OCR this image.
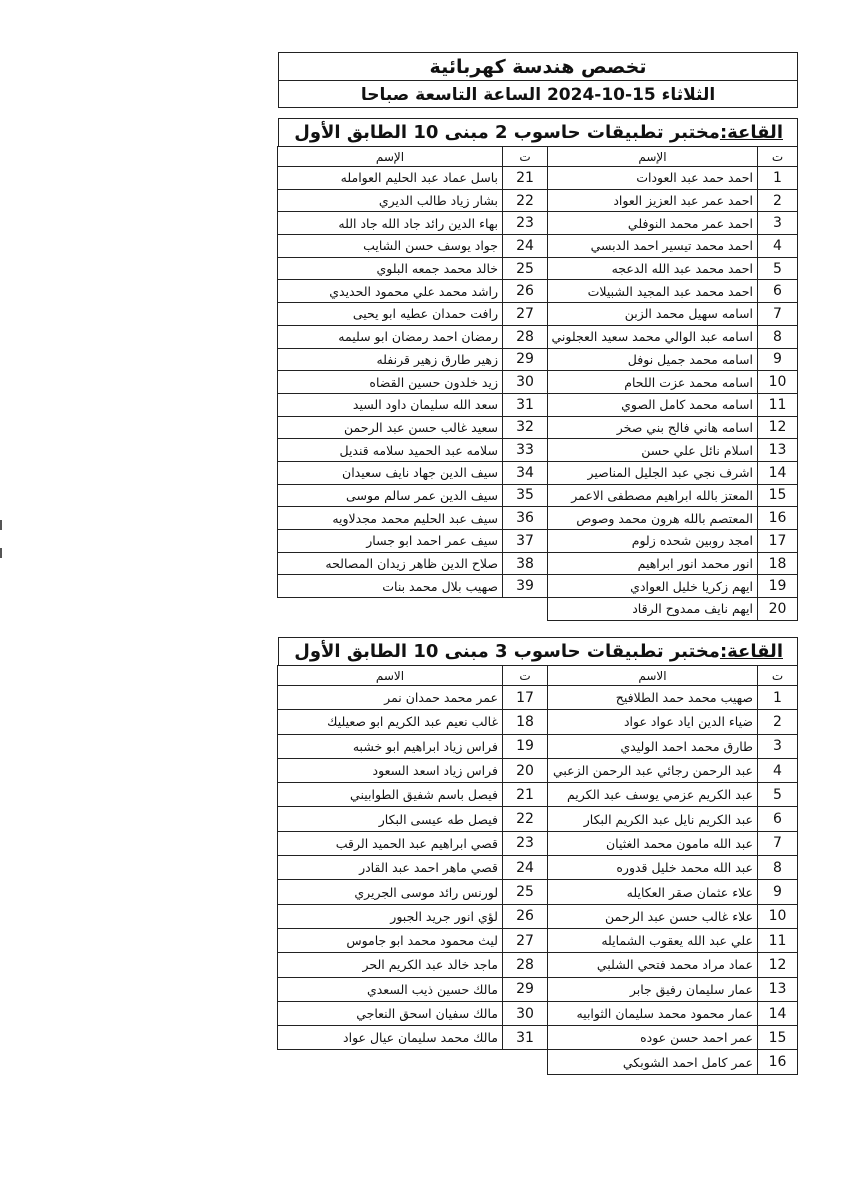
تخصص هندسة كهربائية
الثلاثاء 15-10-2024 الساعة التاسعة صباحا
القاعة:
مختبر تطبيقات حاسوب 2 مبنى 10 الطابق الأول
ت	الإسم	ت	الإسم
1	احمد حمد عبد العودات	21	باسل عماد عبد الحليم العوامله
2	احمد عمر عبد العزيز العواد	22	بشار زياد طالب الديري
3	احمد عمر محمد النوفلي	23	بهاء الدين رائد جاد الله جاد الله
4	احمد محمد تيسير احمد الدبسي	24	جواد يوسف حسن الشايب
5	احمد محمد عبد الله الدعجه	25	خالد محمد جمعه البلوي
6	احمد محمد عبد المجيد الشبيلات	26	راشد محمد علي محمود الحديدي
7	اسامه سهيل محمد الزبن	27	رافت حمدان عطيه ابو يحيى
8	اسامه عبد الوالي محمد سعيد العجلوني	28	رمضان احمد رمضان ابو سليمه
9	اسامه محمد جميل نوفل	29	زهير طارق زهير قرنفله
10	اسامه محمد عزت اللحام	30	زيد خلدون حسين القضاه
11	اسامه محمد كامل الصوي	31	سعد الله سليمان داود السيد
12	اسامه هاني فالح بني صخر	32	سعيد غالب حسن عبد الرحمن
13	اسلام نائل علي حسن	33	سلامه عبد الحميد سلامه قنديل
14	اشرف نجي عبد الجليل المناصير	34	سيف الدين جهاد نايف سعيدان
15	المعتز بالله ابراهيم مصطفى الاعمر	35	سيف الدين عمر سالم موسى
16	المعتصم بالله هرون محمد وصوص	36	سيف عبد الحليم محمد مجدلاويه
17	امجد روبين شحده زلوم	37	سيف عمر احمد ابو جسار
18	انور محمد انور ابراهيم	38	صلاح الدين ظاهر زيدان المصالحه
19	ايهم زكريا خليل العوادي	39	صهيب بلال محمد بنات
20	ايهم نايف ممدوح الرقاد		
القاعة:
مختبر تطبيقات حاسوب 3 مبنى 10 الطابق الأول
ت	الاسم	ت	الاسم
1	صهيب محمد حمد الطلافيح	17	عمر محمد حمدان نمر
2	ضياء الدين اياد عواد عواد	18	غالب نعيم عبد الكريم ابو صعيليك
3	طارق محمد احمد الوليدي	19	فراس زياد ابراهيم ابو خشبه
4	عبد الرحمن رجائي عبد الرحمن الزعبي	20	فراس زياد اسعد السعود
5	عبد الكريم عزمي يوسف عبد الكريم	21	فيصل باسم شفيق الطوابيني
6	عبد الكريم نايل عبد الكريم البكار	22	فيصل طه عيسى البكار
7	عبد الله مامون محمد الغثيان	23	قصي ابراهيم عبد الحميد الرقب
8	عبد الله محمد خليل قدوره	24	قصي ماهر احمد عبد القادر
9	علاء عثمان صقر العكايله	25	لورنس رائد موسى الجريري
10	علاء غالب حسن عبد الرحمن	26	لؤي انور جريد الجبور
11	علي عبد الله يعقوب الشمايله	27	ليث محمود محمد ابو جاموس
12	عماد مراد محمد فتحي الشلبي	28	ماجد خالد عبد الكريم الحر
13	عمار سليمان رفيق جابر	29	مالك حسين ذيب السعدي
14	عمار محمود محمد سليمان الثوابيه	30	مالك سفيان اسحق النعاجي
15	عمر احمد حسن عوده	31	مالك محمد سليمان عيال عواد
16	عمر كامل احمد الشوبكي		
